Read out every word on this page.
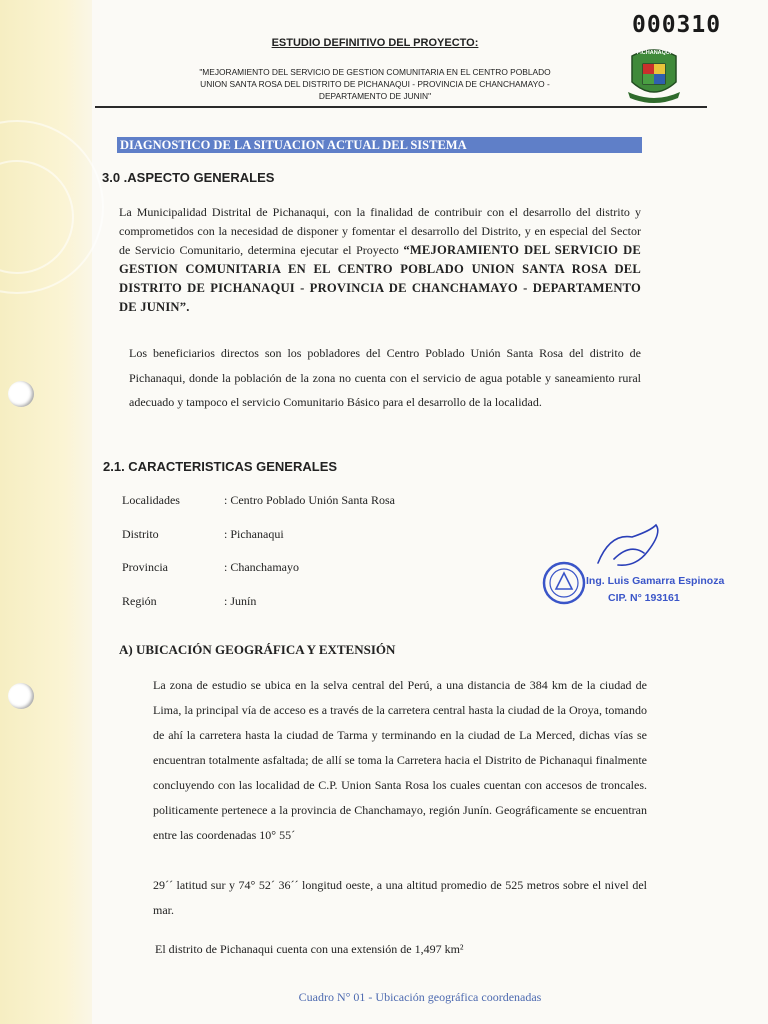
000310
ESTUDIO DEFINITIVO DEL PROYECTO:
"MEJORAMIENTO DEL SERVICIO DE GESTION COMUNITARIA EN EL CENTRO POBLADO
UNION SANTA ROSA DEL DISTRITO DE PICHANAQUI - PROVINCIA DE CHANCHAMAYO -
DEPARTAMENTO DE JUNIN"
PICHANAQUI
DIAGNOSTICO DE LA SITUACION ACTUAL DEL SISTEMA
3.0 .ASPECTO GENERALES
La Municipalidad Distrital de Pichanaqui, con la finalidad de contribuir con el desarrollo del distrito y comprometidos con la necesidad de disponer y fomentar el desarrollo del Distrito, y en especial del Sector de Servicio Comunitario, determina ejecutar el Proyecto “MEJORAMIENTO DEL SERVICIO DE GESTION COMUNITARIA EN EL CENTRO POBLADO UNION SANTA ROSA DEL DISTRITO DE PICHANAQUI - PROVINCIA DE CHANCHAMAYO - DEPARTAMENTO DE JUNIN”.
Los beneficiarios directos son los pobladores del Centro Poblado Unión Santa Rosa del distrito de Pichanaqui, donde la población de la zona no cuenta con el servicio de agua potable y saneamiento rural adecuado y tampoco el servicio Comunitario Básico para el desarrollo de la localidad.
2.1. CARACTERISTICAS GENERALES
Localidades	: Centro Poblado Unión Santa Rosa
Distrito	: Pichanaqui
Provincia	: Chanchamayo
Región	: Junín
Ing. Luis Gamarra Espinoza
CIP. N° 193161
A) UBICACIÓN GEOGRÁFICA Y EXTENSIÓN
La zona de estudio se ubica en la selva central del Perú, a una distancia de 384 km de la ciudad de Lima, la principal vía de acceso es a través de la carretera central hasta la ciudad de la Oroya, tomando de ahí la carretera hasta la ciudad de Tarma y terminando en la ciudad de La Merced, dichas vías se encuentran totalmente asfaltada; de allí se toma la Carretera hacia el Distrito de Pichanaqui finalmente concluyendo con las localidad de C.P. Union Santa Rosa los cuales cuentan con accesos de troncales. politicamente pertenece a la provincia de Chanchamayo, región Junín. Geográficamente se encuentran entre las coordenadas 10° 55´
29´´ latitud sur y 74° 52´ 36´´ longitud oeste, a una altitud promedio de 525 metros sobre el nivel del mar.
El distrito de Pichanaqui cuenta con una extensión de 1,497 km²
Cuadro N° 01 - Ubicación geográfica coordenadas
